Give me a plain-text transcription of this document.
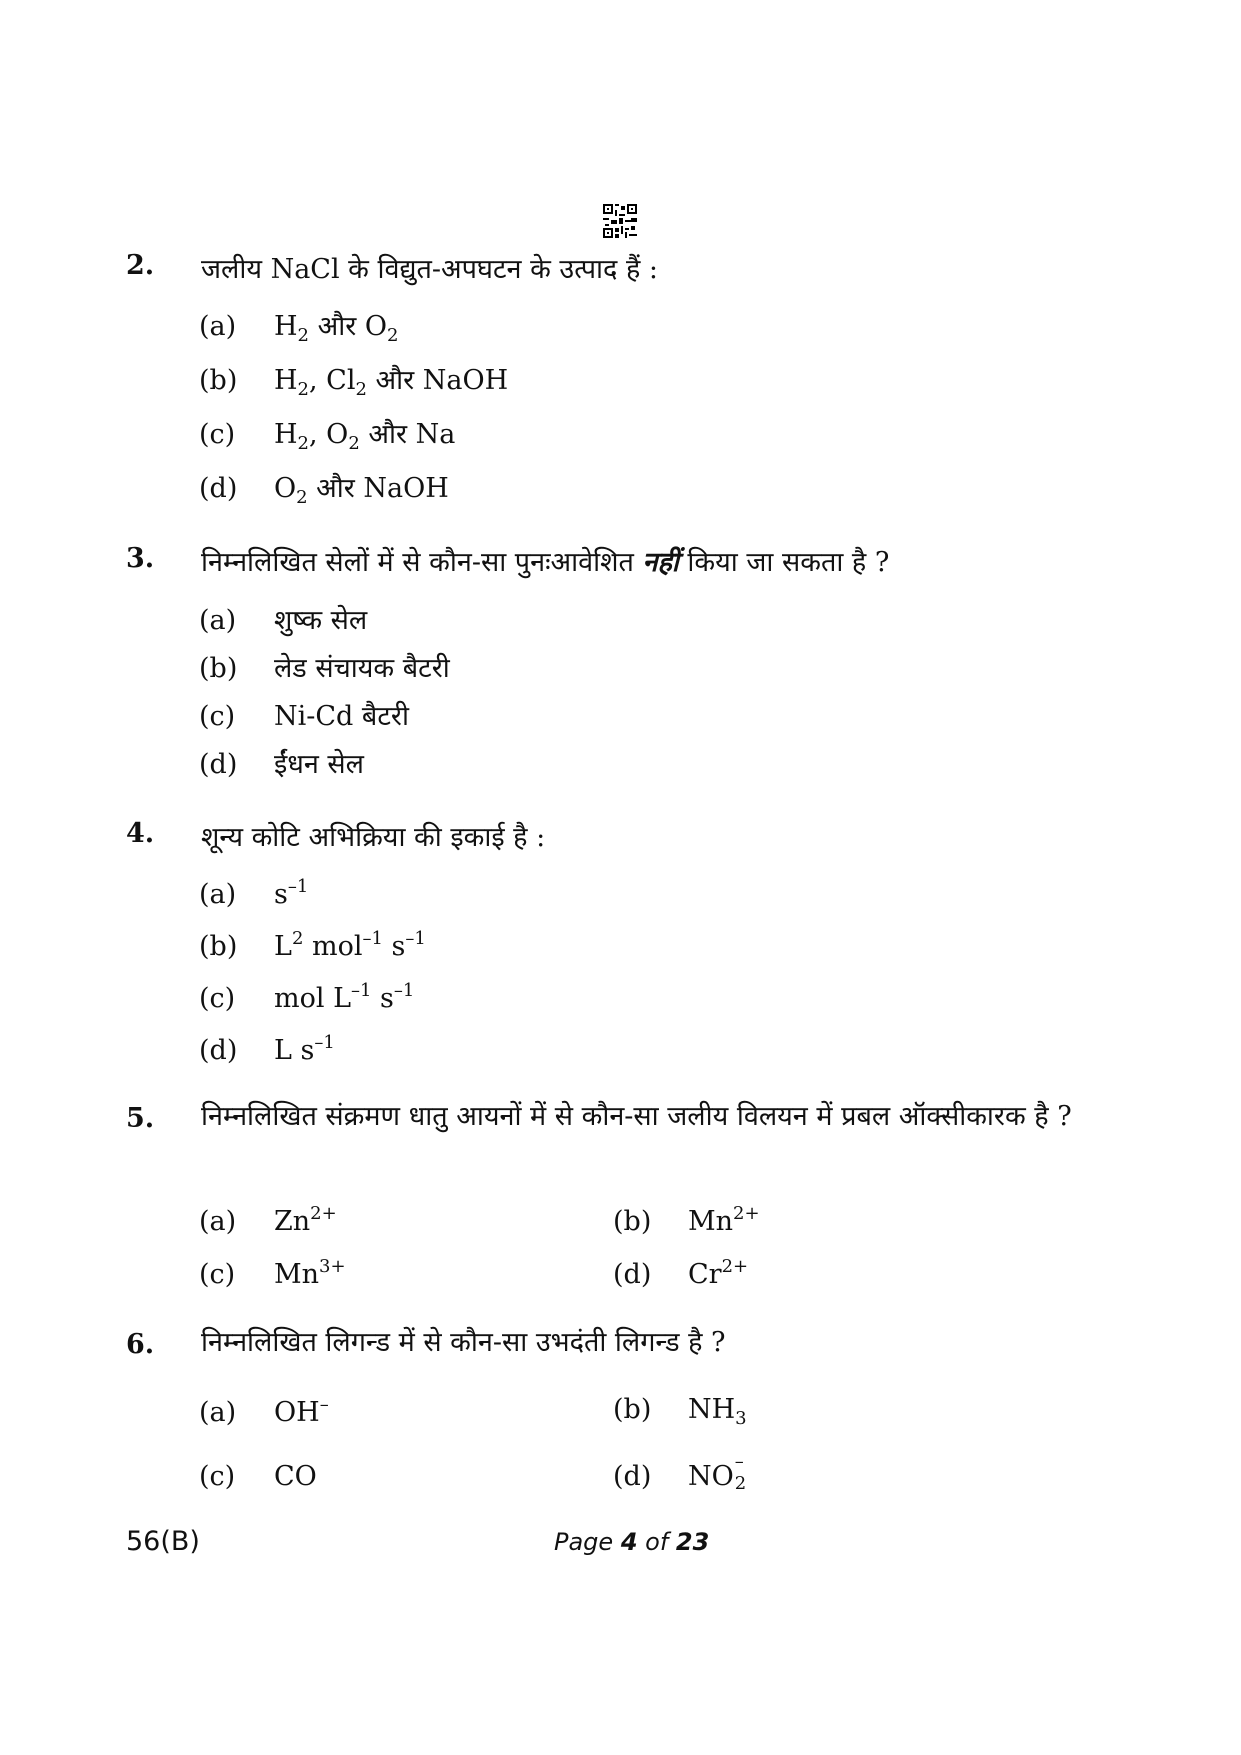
2. जलीय NaCl के विद्युत-अपघटन के उत्पाद हैं :
(a) $H_2$ और $O_2$
(b) $H_2$, $Cl_2$ और NaOH
(c) $H_2$, $O_2$ और Na
(d) $O_2$ और NaOH
3. निम्नलिखित सेलों में से कौन-सा पुनःआवेशित नहीं किया जा सकता है ?
(a) शुष्क सेल
(b) लेड संचायक बैटरी
(c) Ni-Cd बैटरी
(d) ईंधन सेल
4. शून्य कोटि अभिक्रिया की इकाई है :
(a) $s^{-1}$
(b) $L^2$ mol$^{-1}$ $s^{-1}$
(c) mol $L^{-1}$ $s^{-1}$
(d) L $s^{-1}$
5. निम्नलिखित संक्रमण धातु आयनों में से कौन-सा जलीय विलयन में प्रबल ऑक्सीकारक है ?
(a) $Zn^{2+}$	(b) $Mn^{2+}$
(c) $Mn^{3+}$	(d) $Cr^{2+}$
6. निम्नलिखित लिगन्ड में से कौन-सा उभदंती लिगन्ड है ?
(a) OH–	(b) $NH_3$
(c) CO	(d) NO –
2
56(B)	Page 4 of 23
